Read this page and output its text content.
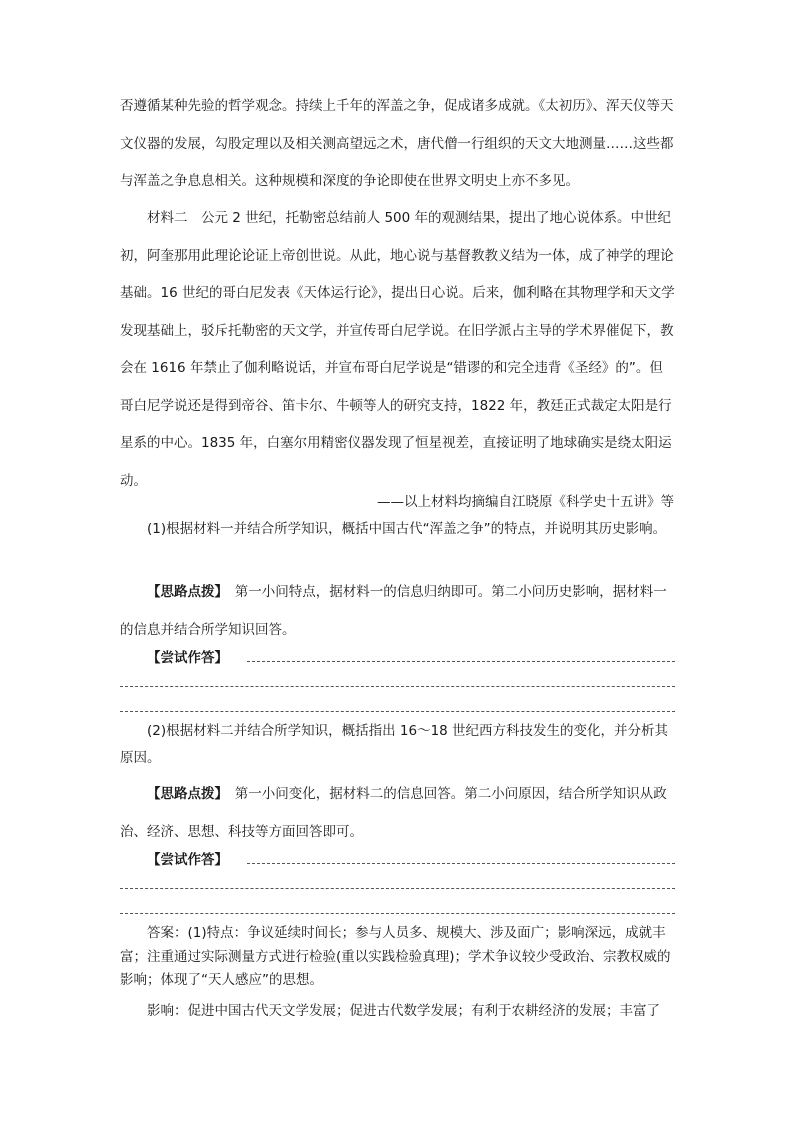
否遵循某种先验的哲学观念。持续上千年的浑盖之争，促成诸多成就。《太初历》、浑天仪等天文仪器的发展，勾股定理以及相关测高望远之术，唐代僧一行组织的天文大地测量……这些都与浑盖之争息息相关。这种规模和深度的争论即使在世界文明史上亦不多见。
材料二　公元 2 世纪，托勒密总结前人 500 年的观测结果，提出了地心说体系。中世纪初，阿奎那用此理论论证上帝创世说。从此，地心说与基督教教义结为一体，成了神学的理论基础。16 世纪的哥白尼发表《天体运行论》，提出日心说。后来，伽利略在其物理学和天文学发现基础上，驳斥托勒密的天文学，并宣传哥白尼学说。在旧学派占主导的学术界催促下，教会在 1616 年禁止了伽利略说话，并宣布哥白尼学说是“错谬的和完全违背《圣经》的”。但哥白尼学说还是得到帝谷、笛卡尔、牛顿等人的研究支持，1822 年，教廷正式裁定太阳是行星系的中心。1835 年，白塞尔用精密仪器发现了恒星视差，直接证明了地球确实是绕太阳运动。
——以上材料均摘编自江晓原《科学史十五讲》等
(1)根据材料一并结合所学知识，概括中国古代“浑盖之争”的特点，并说明其历史影响。
【思路点拨】　第一小问特点，据材料一的信息归纳即可。第二小问历史影响，据材料一的信息并结合所学知识回答。
【尝试作答】
(2)根据材料二并结合所学知识，概括指出 16～18 世纪西方科技发生的变化，并分析其原因。
【思路点拨】　第一小问变化，据材料二的信息回答。第二小问原因，结合所学知识从政治、经济、思想、科技等方面回答即可。
【尝试作答】
答案：(1)特点：争议延续时间长；参与人员多、规模大、涉及面广；影响深远，成就丰富；注重通过实际测量方式进行检验(重以实践检验真理)；学术争议较少受政治、宗教权威的影响；体现了“天人感应”的思想。
影响：促进中国古代天文学发展；促进古代数学发展；有利于农耕经济的发展；丰富了
